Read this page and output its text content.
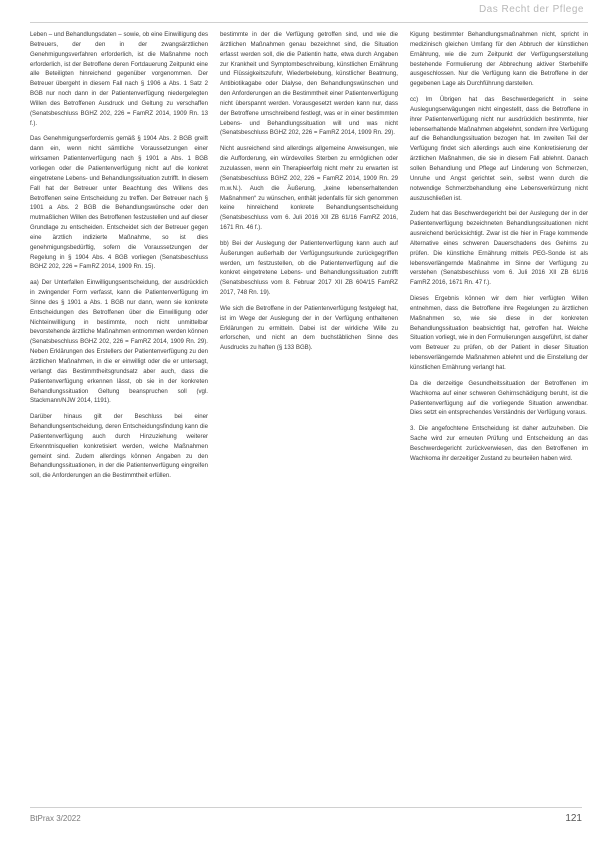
Das Recht der Pflege

Leben – und Behandlungsdaten – sowie, ob eine Einwilligung des Betreuers, der den in der zwangsärztlichen Genehmigungsverfahren erforderlich, ist die Maßnahme noch erforderlich, ist der Betroffene deren Fortdauerung Zeitpunkt eine alle Beteiligten hinreichend gegenüber vorgenommen. Der Betreuer übergeht in diesem Fall nach § 1906 a Abs. 1 Satz 2 BGB nur noch dann in der Patientenverfügung niedergelegten Willen des Betroffenen Ausdruck und Geltung zu verschaffen (Senatsbeschluss BGHZ 202, 226 = FamRZ 2014, 1909 Rn. 13 f.).

Das Genehmigungserfordernis gemäß § 1904 Abs. 2 BGB greift dann ein, wenn nicht sämtliche Voraussetzungen einer wirksamen Patientenverfügung nach § 1901 a Abs. 1 BGB vorliegen oder die Patientenverfügung nicht auf die konkret eingetretene Lebens- und Behandlungssituation zutrifft. In diesem Fall hat der Betreuer unter Beachtung des Willens des Betroffenen seine Entscheidung zu treffen. Der Betreuer nach § 1901 a Abs. 2 BGB die Behandlungswünsche oder den mutmaßlichen Willen des Betroffenen festzustellen und auf dieser Grundlage zu entscheiden. Entscheidet sich der Betreuer gegen eine ärztlich indizierte Maßnahme, so ist dies genehmigungsbedürftig, sofern die Voraussetzungen der Regelung in § 1904 Abs. 4 BGB vorliegen (Senatsbeschluss BGHZ 202, 226 = FamRZ 2014, 1909 Rn. 15).

aa) Der Unterfallen Einwilligungsentscheidung, der ausdrücklich in zwingender Form verfasst, kann die Patientenverfügung im Sinne des § 1901 a Abs. 1 BGB nur dann, wenn sie konkrete Entscheidungen des Betroffenen über die Einwilligung oder Nichteinwilligung in bestimmte, noch nicht unmittelbar bevorstehende ärztliche Maßnahmen entnommen werden können (Senatsbeschluss BGHZ 202, 226 = FamRZ 2014, 1909 Rn. 29). Neben Erklärungen des Erstellers der Patientenverfügung zu den ärztlichen Maßnahmen, in die er einwilligt oder die er untersagt, verlangt das Bestimmtheitsgrundsatz aber auch, dass die Patientenverfügung erkennen lässt, ob sie in der konkreten Behandlungssituation Geltung beanspruchen soll (vgl. Stackmann/NJW 2014, 1191).

Darüber hinaus gilt der Beschluss bei einer Behandlungsentscheidung, deren Entscheidungsfindung kann die Patientenverfügung auch durch Hinzuziehung weiterer Erkenntnisquellen konkretisiert werden, welche Maßnahmen gemeint sind. Zudem allerdings können Angaben zu den Behandlungssituationen, in der die Patientenverfügung eingreifen soll, die Anforderungen an die Bestimmtheit erfüllen.

bestimmte in der die Verfügung getroffen sind, und wie die ärztlichen Maßnahmen genau bezeichnet sind, die Situation erfasst werden soll, die die Patientin hatte, etwa durch Angaben zur Krankheit und Symptombeschreibung, künstlichen Ernährung und Flüssigkeitszufuhr, Wiederbelebung, künstlicher Beatmung, Antibiotikagabe oder Dialyse, den Behandlungswünschen und den Anforderungen an die Bestimmtheit einer Patientenverfügung nicht überspannt werden. Vorausgesetzt werden kann nur, dass der Betroffene umschreibend festlegt, was er in einer bestimmten Lebens- und Behandlungssituation will und was nicht (Senatsbeschluss BGHZ 202, 226 = FamRZ 2014, 1909 Rn. 29).

Nicht ausreichend sind allerdings allgemeine Anweisungen, wie die Aufforderung, ein würdevolles Sterben zu ermöglichen oder zuzulassen, wenn ein Therapieerfolg nicht mehr zu erwarten ist (Senatsbeschluss BGHZ 202, 226 = FamRZ 2014, 1909 Rn. 29 m.w.N.). Auch die Äußerung, „keine lebenserhaltenden Maßnahmen“ zu wünschen, enthält jedenfalls für sich genommen keine hinreichend konkrete Behandlungsentscheidung (Senatsbeschluss vom 6. Juli 2016 XII ZB 61/16 FamRZ 2016, 1671 Rn. 46 f.).

bb) Bei der Auslegung der Patientenverfügung kann auch auf Äußerungen außerhalb der Verfügungsurkunde zurückgegriffen werden, um festzustellen, ob die Patientenverfügung auf die konkret eingetretene Lebens- und Behandlungssituation zutrifft (Senatsbeschluss vom 8. Februar 2017 XII ZB 604/15 FamRZ 2017, 748 Rn. 19).

Wie sich die Betroffene in der Patientenverfügung festgelegt hat, ist im Wege der Auslegung der in der Verfügung enthaltenen Erklärungen zu ermitteln. Dabei ist der wirkliche Wille zu erforschen, und nicht an dem buchstäblichen Sinne des Ausdrucks zu haften (§ 133 BGB).

Kigung bestimmter Behandlungsmaßnahmen nicht, spricht in medizinisch gleichen Umfang für den Abbruch der künstlichen Ernährung, wie die zum Zeitpunkt der Verfügungserstellung bestehende Formulierung der Abbrechung aktiver Sterbehilfe ausgeschlossen. Nur die Verfügung kann die Betroffene in der gegebenen Lage als Durchführung darstellen.

cc) Im Übrigen hat das Beschwerdegericht in seine Auslegungserwägungen nicht eingestellt, dass die Betroffene in ihrer Patientenverfügung nicht nur ausdrücklich bestimmte, hier lebenserhaltende Maßnahmen abgelehnt, sondern ihre Verfügung auf die Behandlungssituation bezogen hat. Im zweiten Teil der Verfügung findet sich allerdings auch eine Konkretisierung der ärztlichen Maßnahmen, die sie in diesem Fall ablehnt. Danach sollen Behandlung und Pflege auf Linderung von Schmerzen, Unruhe und Angst gerichtet sein, selbst wenn durch die notwendige Schmerzbehandlung eine Lebensverkürzung nicht auszuschließen ist.

Zudem hat das Beschwerdegericht bei der Auslegung der in der Patientenverfügung bezeichneten Behandlungssituationen nicht ausreichend berücksichtigt. Zwar ist die hier in Frage kommende Alternative eines schweren Dauerschadens des Gehirns zu prüfen. Die künstliche Ernährung mittels PEG-Sonde ist als lebensverlängernde Maßnahme im Sinne der Verfügung zu verstehen (Senatsbeschluss vom 6. Juli 2016 XII ZB 61/16 FamRZ 2016, 1671 Rn. 47 f.).

Dieses Ergebnis können wir dem hier verfügten Willen entnehmen, dass die Betroffene ihre Regelungen zu ärztlichen Maßnahmen so, wie sie diese in der konkreten Behandlungssituation beabsichtigt hat, getroffen hat. Welche Situation vorliegt, wie in den Formulierungen ausgeführt, ist daher vom Betreuer zu prüfen, ob der Patient in dieser Situation lebensverlängernde Maßnahmen ablehnt und die Einstellung der künstlichen Ernährung verlangt hat.

Da die derzeitige Gesundheitssituation der Betroffenen im Wachkoma auf einer schweren Gehirnschädigung beruht, ist die Patientenverfügung auf die vorliegende Situation anwendbar. Dies setzt ein entsprechendes Verständnis der Verfügung voraus.

3. Die angefochtene Entscheidung ist daher aufzuheben. Die Sache wird zur erneuten Prüfung und Entscheidung an das Beschwerdegericht zurückverwiesen, das den Betroffenen im Wachkoma ihr derzeitiger Zustand zu beurteilen haben wird.

BtPrax 3/2022	121
